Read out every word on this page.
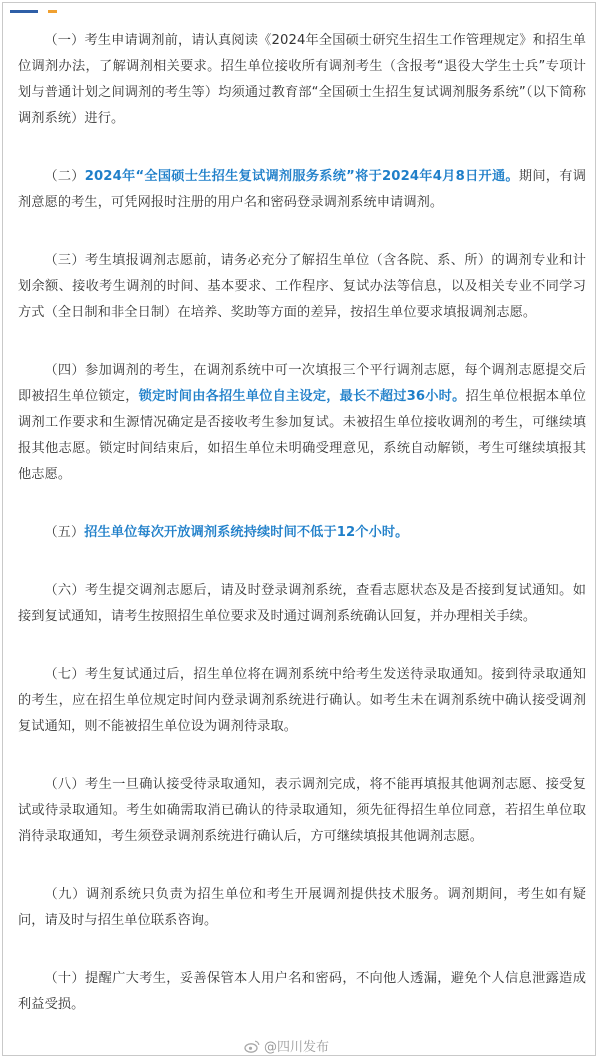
（一）考生申请调剂前，请认真阅读《2024年全国硕士研究生招生工作管理规定》和招生单位调剂办法，了解调剂相关要求。招生单位接收所有调剂考生（含报考“退役大学生士兵”专项计划与普通计划之间调剂的考生等）均须通过教育部“全国硕士生招生复试调剂服务系统”（以下简称调剂系统）进行。

（二）2024年“全国硕士生招生复试调剂服务系统”将于2024年4月8日开通。期间，有调剂意愿的考生，可凭网报时注册的用户名和密码登录调剂系统申请调剂。

（三）考生填报调剂志愿前，请务必充分了解招生单位（含各院、系、所）的调剂专业和计划余额、接收考生调剂的时间、基本要求、工作程序、复试办法等信息，以及相关专业不同学习方式（全日制和非全日制）在培养、奖助等方面的差异，按招生单位要求填报调剂志愿。

（四）参加调剂的考生，在调剂系统中可一次填报三个平行调剂志愿，每个调剂志愿提交后即被招生单位锁定，锁定时间由各招生单位自主设定，最长不超过36小时。招生单位根据本单位调剂工作要求和生源情况确定是否接收考生参加复试。未被招生单位接收调剂的考生，可继续填报其他志愿。锁定时间结束后，如招生单位未明确受理意见，系统自动解锁，考生可继续填报其他志愿。

（五）招生单位每次开放调剂系统持续时间不低于12个小时。

（六）考生提交调剂志愿后，请及时登录调剂系统，查看志愿状态及是否接到复试通知。如接到复试通知，请考生按照招生单位要求及时通过调剂系统确认回复，并办理相关手续。

（七）考生复试通过后，招生单位将在调剂系统中给考生发送待录取通知。接到待录取通知的考生，应在招生单位规定时间内登录调剂系统进行确认。如考生未在调剂系统中确认接受调剂复试通知，则不能被招生单位设为调剂待录取。

（八）考生一旦确认接受待录取通知，表示调剂完成，将不能再填报其他调剂志愿、接受复试或待录取通知。考生如确需取消已确认的待录取通知，须先征得招生单位同意，若招生单位取消待录取通知，考生须登录调剂系统进行确认后，方可继续填报其他调剂志愿。

（九）调剂系统只负责为招生单位和考生开展调剂提供技术服务。调剂期间，考生如有疑问，请及时与招生单位联系咨询。

（十）提醒广大考生，妥善保管本人用户名和密码，不向他人透漏，避免个人信息泄露造成利益受损。

@四川发布
